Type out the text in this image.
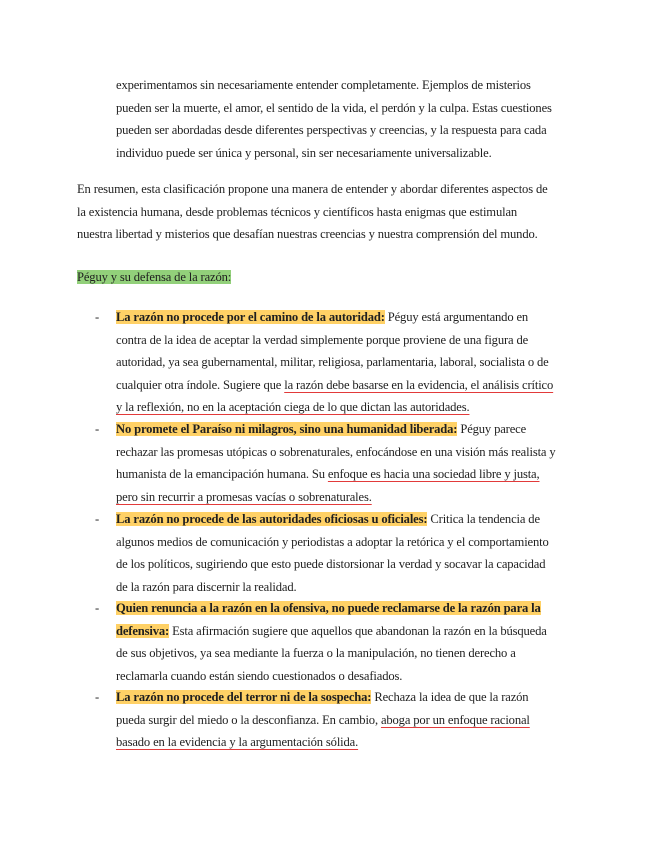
experimentamos sin necesariamente entender completamente. Ejemplos de misterios
pueden ser la muerte, el amor, el sentido de la vida, el perdón y la culpa. Estas cuestiones
pueden ser abordadas desde diferentes perspectivas y creencias, y la respuesta para cada
individuo puede ser única y personal, sin ser necesariamente universalizable.
En resumen, esta clasificación propone una manera de entender y abordar diferentes aspectos de
la existencia humana, desde problemas técnicos y científicos hasta enigmas que estimulan
nuestra libertad y misterios que desafían nuestras creencias y nuestra comprensión del mundo.
Péguy y su defensa de la razón:
- La razón no procede por el camino de la autoridad: Péguy está argumentando en
contra de la idea de aceptar la verdad simplemente porque proviene de una figura de
autoridad, ya sea gubernamental, militar, religiosa, parlamentaria, laboral, socialista o de
cualquier otra índole. Sugiere que la razón debe basarse en la evidencia, el análisis crítico
y la reflexión, no en la aceptación ciega de lo que dictan las autoridades.
- No promete el Paraíso ni milagros, sino una humanidad liberada: Péguy parece
rechazar las promesas utópicas o sobrenaturales, enfocándose en una visión más realista y
humanista de la emancipación humana. Su enfoque es hacia una sociedad libre y justa,
pero sin recurrir a promesas vacías o sobrenaturales.
- La razón no procede de las autoridades oficiosas u oficiales: Critica la tendencia de
algunos medios de comunicación y periodistas a adoptar la retórica y el comportamiento
de los políticos, sugiriendo que esto puede distorsionar la verdad y socavar la capacidad
de la razón para discernir la realidad.
- Quien renuncia a la razón en la ofensiva, no puede reclamarse de la razón para la
defensiva: Esta afirmación sugiere que aquellos que abandonan la razón en la búsqueda
de sus objetivos, ya sea mediante la fuerza o la manipulación, no tienen derecho a
reclamarla cuando están siendo cuestionados o desafiados.
- La razón no procede del terror ni de la sospecha: Rechaza la idea de que la razón
pueda surgir del miedo o la desconfianza. En cambio, aboga por un enfoque racional
basado en la evidencia y la argumentación sólida.
